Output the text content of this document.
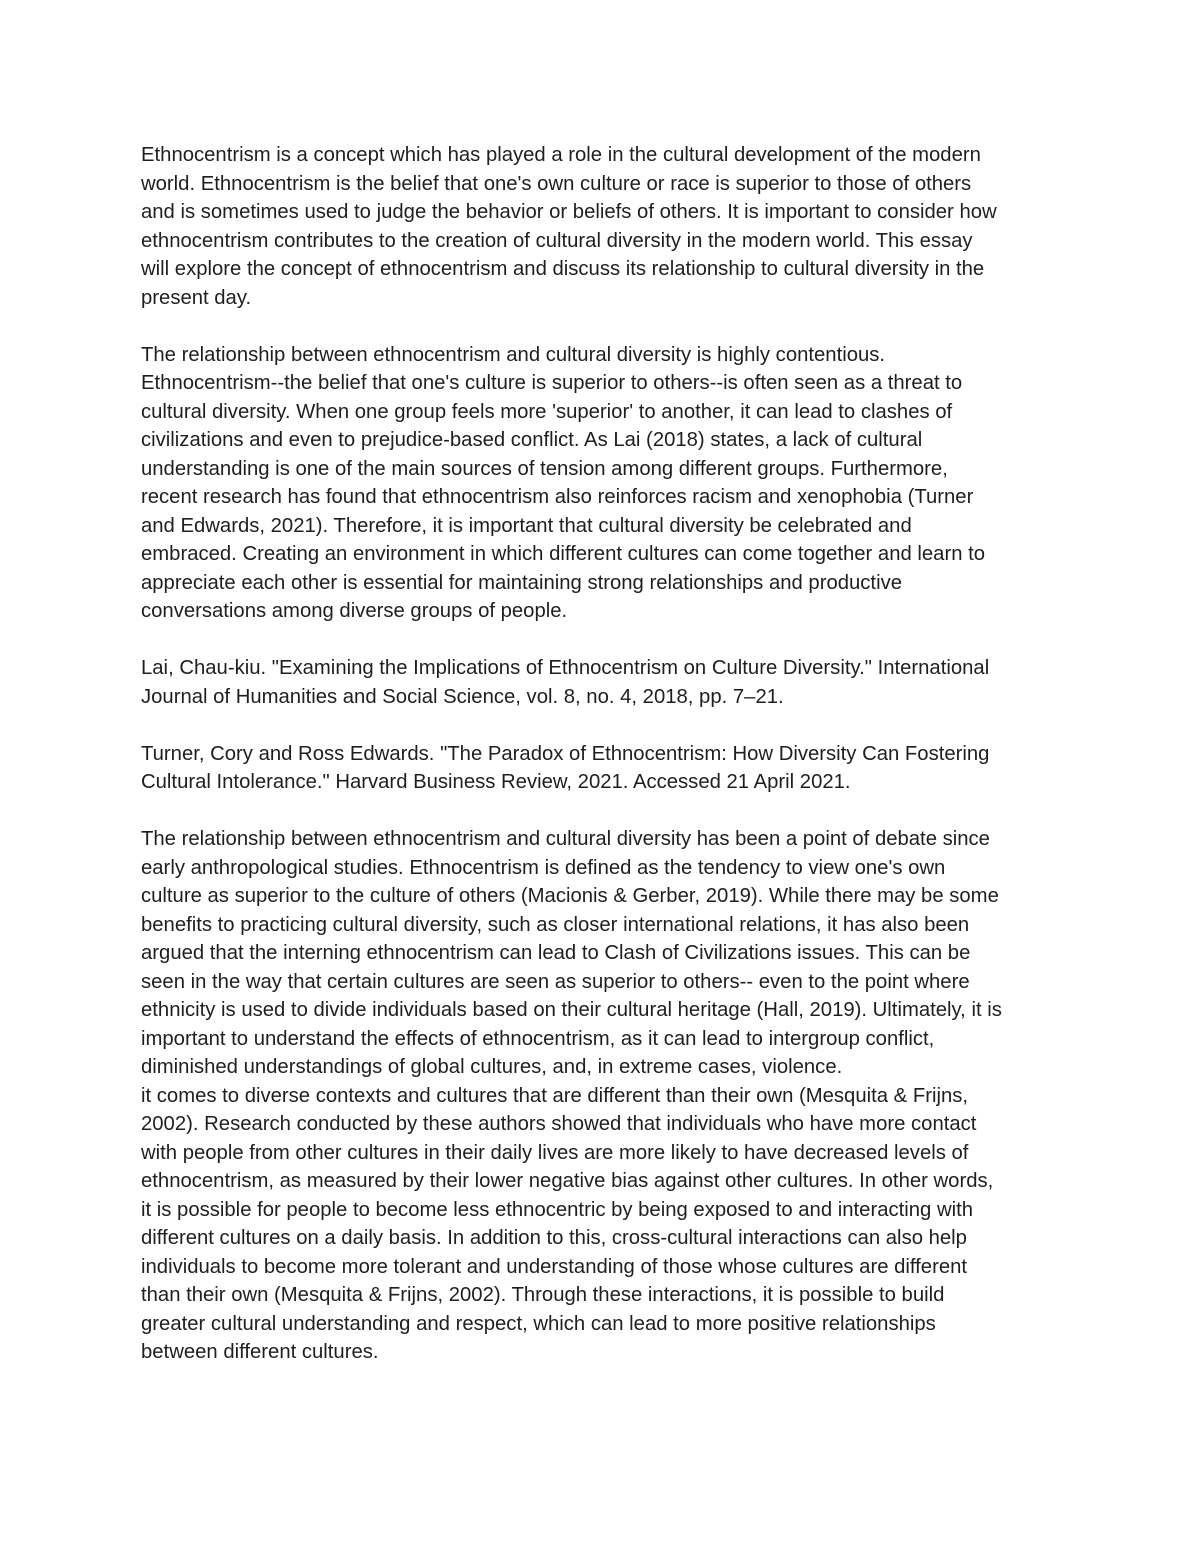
Ethnocentrism is a concept which has played a role in the cultural development of the modern
world. Ethnocentrism is the belief that one's own culture or race is superior to those of others
and is sometimes used to judge the behavior or beliefs of others. It is important to consider how
ethnocentrism contributes to the creation of cultural diversity in the modern world. This essay
will explore the concept of ethnocentrism and discuss its relationship to cultural diversity in the
present day.
The relationship between ethnocentrism and cultural diversity is highly contentious.
Ethnocentrism--the belief that one's culture is superior to others--is often seen as a threat to
cultural diversity. When one group feels more 'superior' to another, it can lead to clashes of
civilizations and even to prejudice-based conflict. As Lai (2018) states, a lack of cultural
understanding is one of the main sources of tension among different groups. Furthermore,
recent research has found that ethnocentrism also reinforces racism and xenophobia (Turner
and Edwards, 2021). Therefore, it is important that cultural diversity be celebrated and
embraced. Creating an environment in which different cultures can come together and learn to
appreciate each other is essential for maintaining strong relationships and productive
conversations among diverse groups of people.
Lai, Chau-kiu. "Examining the Implications of Ethnocentrism on Culture Diversity." International
Journal of Humanities and Social Science, vol. 8, no. 4, 2018, pp. 7–21.
Turner, Cory and Ross Edwards. "The Paradox of Ethnocentrism: How Diversity Can Fostering
Cultural Intolerance." Harvard Business Review, 2021. Accessed 21 April 2021.
The relationship between ethnocentrism and cultural diversity has been a point of debate since
early anthropological studies. Ethnocentrism is defined as the tendency to view one's own
culture as superior to the culture of others (Macionis & Gerber, 2019). While there may be some
benefits to practicing cultural diversity, such as closer international relations, it has also been
argued that the interning ethnocentrism can lead to Clash of Civilizations issues. This can be
seen in the way that certain cultures are seen as superior to others-- even to the point where
ethnicity is used to divide individuals based on their cultural heritage (Hall, 2019). Ultimately, it is
important to understand the effects of ethnocentrism, as it can lead to intergroup conflict,
diminished understandings of global cultures, and, in extreme cases, violence.
it comes to diverse contexts and cultures that are different than their own (Mesquita & Frijns,
2002). Research conducted by these authors showed that individuals who have more contact
with people from other cultures in their daily lives are more likely to have decreased levels of
ethnocentrism, as measured by their lower negative bias against other cultures. In other words,
it is possible for people to become less ethnocentric by being exposed to and interacting with
different cultures on a daily basis. In addition to this, cross-cultural interactions can also help
individuals to become more tolerant and understanding of those whose cultures are different
than their own (Mesquita & Frijns, 2002). Through these interactions, it is possible to build
greater cultural understanding and respect, which can lead to more positive relationships
between different cultures.
